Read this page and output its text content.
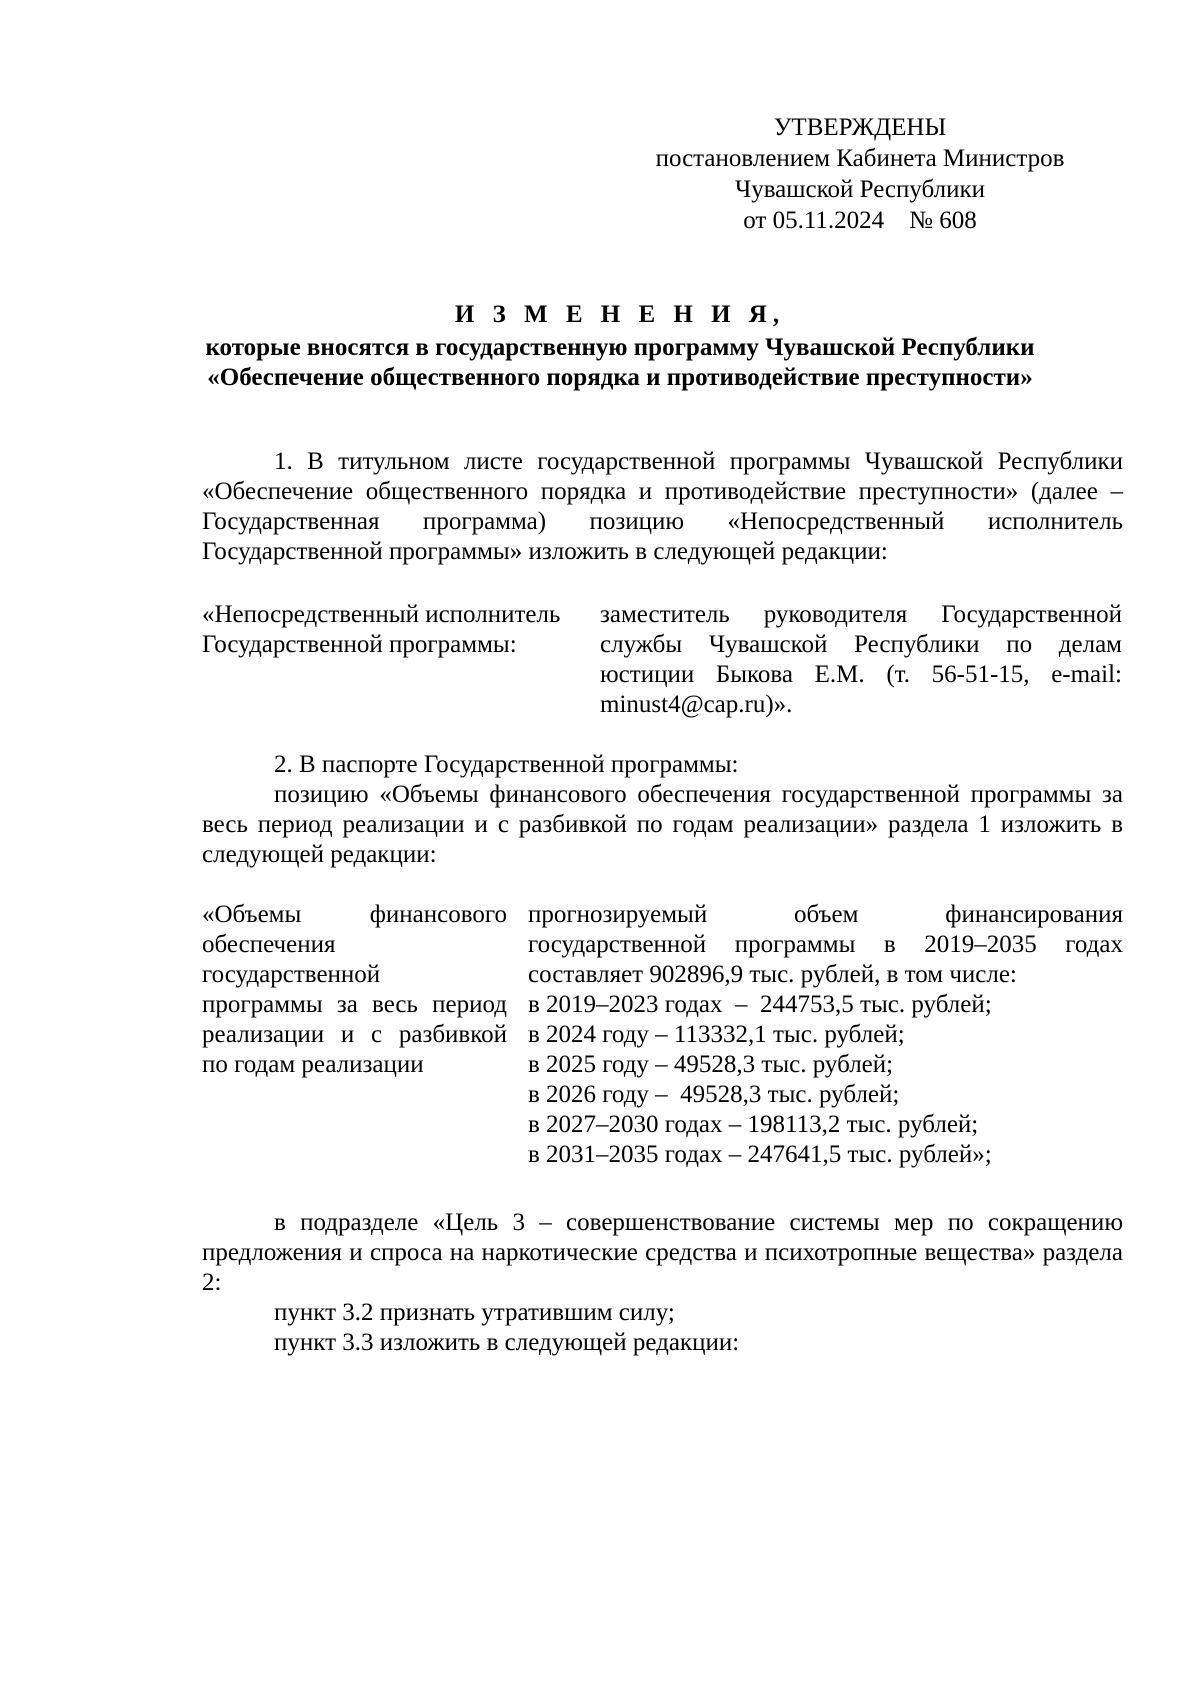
УТВЕРЖДЕНЫ
постановлением Кабинета Министров
Чувашской Республики
от 05.11.2024    № 608
И З М Е Н Е Н И Я,
которые вносятся в государственную программу Чувашской Республики
«Обеспечение общественного порядка и противодействие преступности»

1. В титульном листе государственной программы Чувашской Республики «Обеспечение общественного порядка и противодействие преступности» (далее – Государственная программа) позицию «Непосредственный исполнитель Государственной программы» изложить в следующей редакции:

«Непосредственный исполнитель
Государственной программы:
заместитель руководителя Государственной службы Чувашской Республики по делам юстиции Быкова Е.М. (т. 56-51-15, e-mail: minust4@cap.ru)».

2. В паспорте Государственной программы:

позицию «Объемы финансового обеспечения государственной программы за весь период реализации и с разбивкой по годам реализации» раздела 1 изложить в следующей редакции:

«Объемы финансового обеспечения государственной программы за весь период реализации и с разбивкой по годам реализации
прогнозируемый объем финансирования государственной программы в 2019–2035 годах составляет 902896,9 тыс. рублей, в том числе:
в 2019–2023 годах  –  244753,5 тыс. рублей;
в 2024 году – 113332,1 тыс. рублей;
в 2025 году – 49528,3 тыс. рублей;
в 2026 году –  49528,3 тыс. рублей;
в 2027–2030 годах – 198113,2 тыс. рублей;
в 2031–2035 годах – 247641,5 тыс. рублей»;

в подразделе «Цель 3 – совершенствование системы мер по сокращению предложения и спроса на наркотические средства и психотропные вещества» раздела 2:

пункт 3.2 признать утратившим силу;

пункт 3.3 изложить в следующей редакции:
